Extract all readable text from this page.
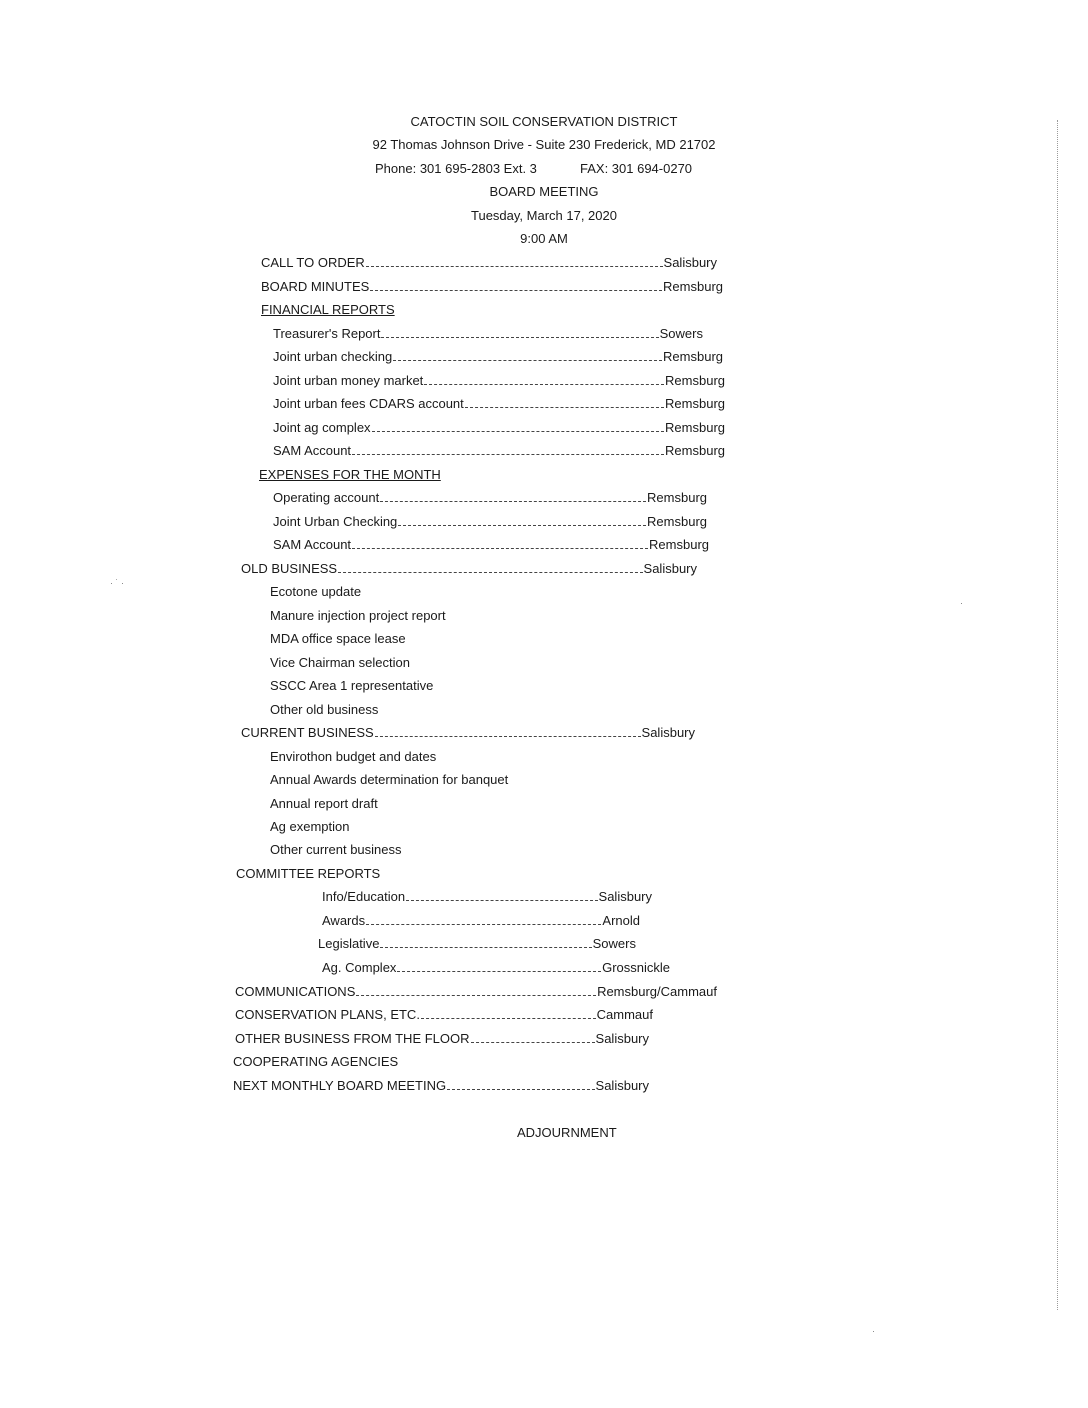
CATOCTIN SOIL CONSERVATION DISTRICT
92 Thomas Johnson Drive - Suite 230 Frederick, MD 21702
Phone: 301 695-2803 Ext. 3	FAX: 301 694-0270
BOARD MEETING
Tuesday, March 17, 2020
9:00 AM
CALL TO ORDER	Salisbury
BOARD MINUTES	Remsburg
FINANCIAL REPORTS
Treasurer's Report	Sowers
Joint urban checking	Remsburg
Joint urban money market	Remsburg
Joint urban fees CDARS account	Remsburg
Joint ag complex	Remsburg
SAM Account	Remsburg
EXPENSES FOR THE MONTH
Operating account	Remsburg
Joint Urban Checking	Remsburg
SAM Account	Remsburg
OLD BUSINESS	Salisbury
Ecotone update
Manure injection project report
MDA office space lease
Vice Chairman selection
SSCC Area 1 representative
Other old business
CURRENT BUSINESS	Salisbury
Envirothon budget and dates
Annual Awards determination for banquet
Annual report draft
Ag exemption
Other current business
COMMITTEE REPORTS
Info/Education	Salisbury
Awards	Arnold
Legislative	Sowers
Ag. Complex	Grossnickle
COMMUNICATIONS	Remsburg/Cammauf
CONSERVATION PLANS, ETC.	Cammauf
OTHER BUSINESS FROM THE FLOOR	Salisbury
COOPERATING AGENCIES
NEXT MONTHLY BOARD MEETING	Salisbury
ADJOURNMENT
· ˙ ·
·
·
